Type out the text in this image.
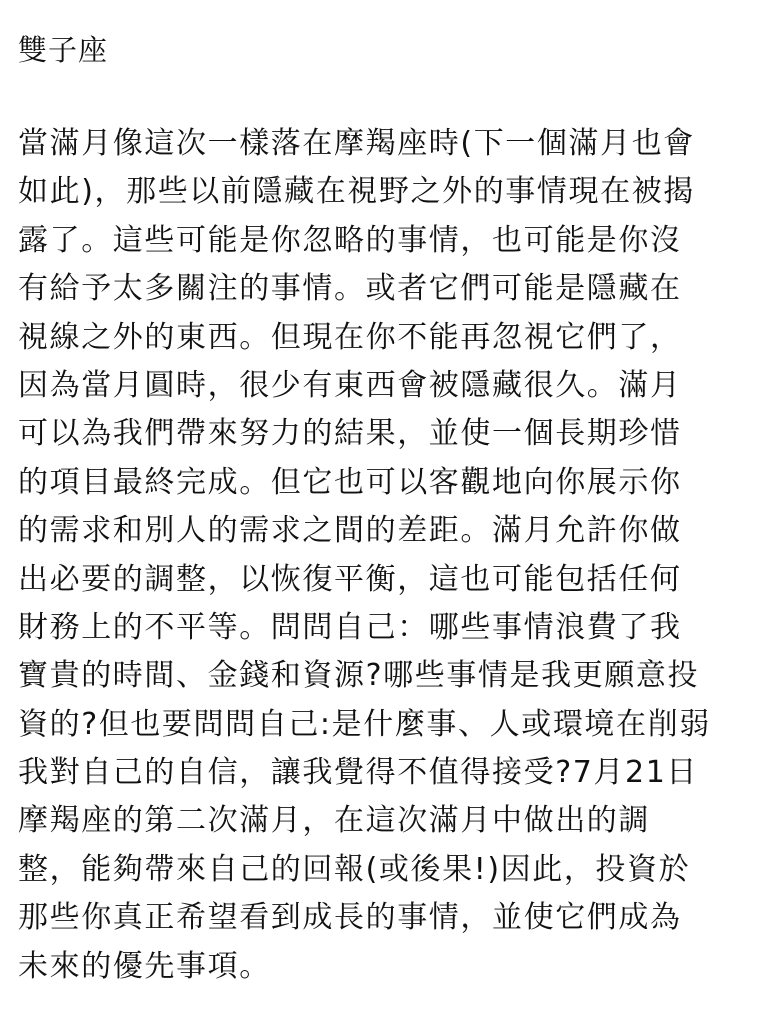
雙子座
當滿月像這次一樣落在摩羯座時(下一個滿月也會
如此)，那些以前隱藏在視野之外的事情現在被揭
露了。這些可能是你忽略的事情，也可能是你沒
有給予太多關注的事情。或者它們可能是隱藏在
視線之外的東西。但現在你不能再忽視它們了，
因為當月圓時，很少有東西會被隱藏很久。滿月
可以為我們帶來努力的結果，並使一個長期珍惜
的項目最終完成。但它也可以客觀地向你展示你
的需求和別人的需求之間的差距。滿月允許你做
出必要的調整，以恢復平衡，這也可能包括任何
財務上的不平等。問問自己：哪些事情浪費了我
寶貴的時間、金錢和資源?哪些事情是我更願意投
資的?但也要問問自己:是什麼事、人或環境在削弱
我對自己的自信，讓我覺得不值得接受?7月21日
摩羯座的第二次滿月，在這次滿月中做出的調
整，能夠帶來自己的回報(或後果!)因此，投資於
那些你真正希望看到成長的事情，並使它們成為
未來的優先事項。
